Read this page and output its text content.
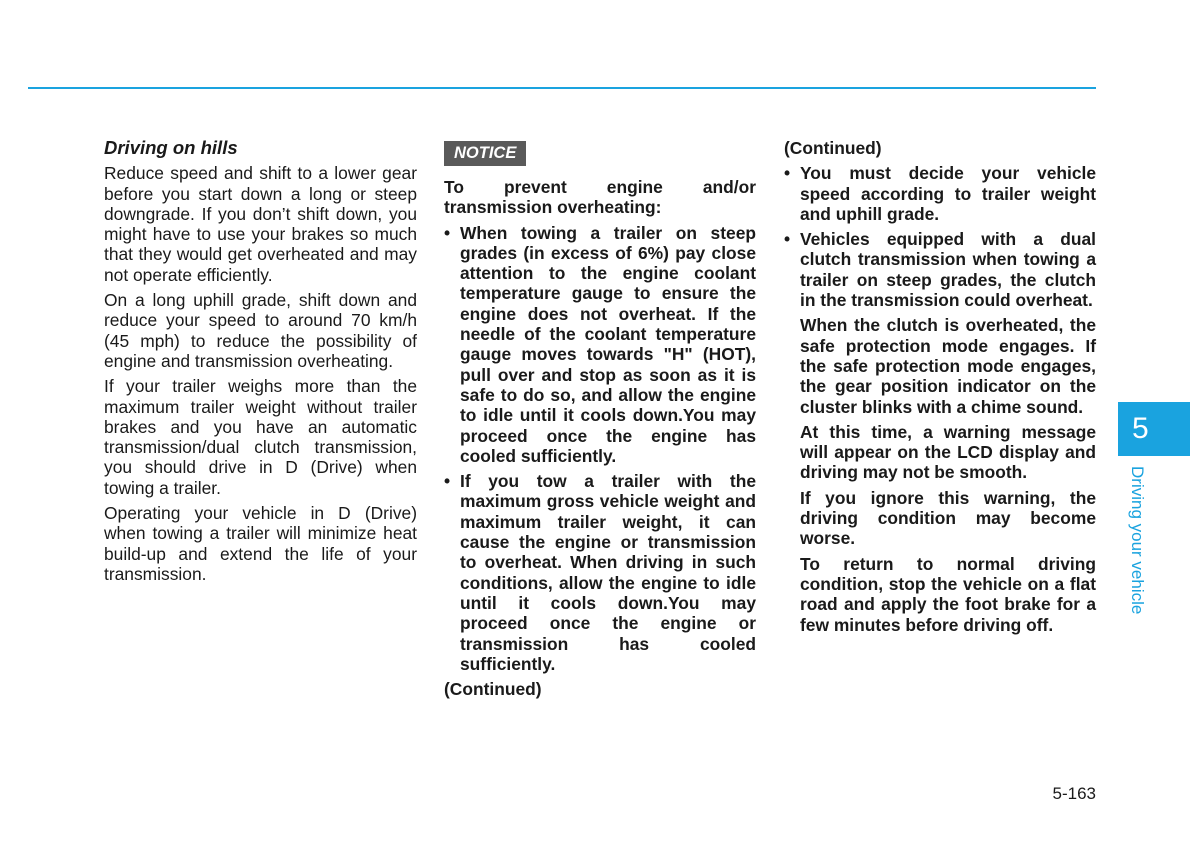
Driving on hills

Reduce speed and shift to a lower gear before you start down a long or steep downgrade. If you don’t shift down, you might have to use your brakes so much that they would get overheated and may not operate efficiently.

On a long uphill grade, shift down and reduce your speed to around 70 km/h (45 mph) to reduce the possibility of engine and transmission overheating.

If your trailer weighs more than the maximum trailer weight without trailer brakes and you have an automatic transmission/dual clutch transmission, you should drive in D (Drive) when towing a trailer.

Operating your vehicle in D (Drive) when towing a trailer will minimize heat build-up and extend the life of your transmission.

NOTICE

To prevent engine and/or transmission overheating:

• When towing a trailer on steep grades (in excess of 6%) pay close attention to the engine coolant temperature gauge to ensure the engine does not overheat. If the needle of the coolant temperature gauge moves towards "H" (HOT), pull over and stop as soon as it is safe to do so, and allow the engine to idle until it cools down.You may proceed once the engine has cooled sufficiently.

• If you tow a trailer with the maximum gross vehicle weight and maximum trailer weight, it can cause the engine or transmission to overheat. When driving in such conditions, allow the engine to idle until it cools down.You may proceed once the engine or transmission has cooled sufficiently.

(Continued)

(Continued)

• You must decide your vehicle speed according to trailer weight and uphill grade.

• Vehicles equipped with a dual clutch transmission when towing a trailer on steep grades, the clutch in the transmission could overheat.

When the clutch is overheated, the safe protection mode engages. If the safe protection mode engages, the gear position indicator on the cluster blinks with a chime sound.

At this time, a warning message will appear on the LCD display and driving may not be smooth.

If you ignore this warning, the driving condition may become worse.

To return to normal driving condition, stop the vehicle on a flat road and apply the foot brake for a few minutes before driving off.

5
Driving your vehicle
5-163
